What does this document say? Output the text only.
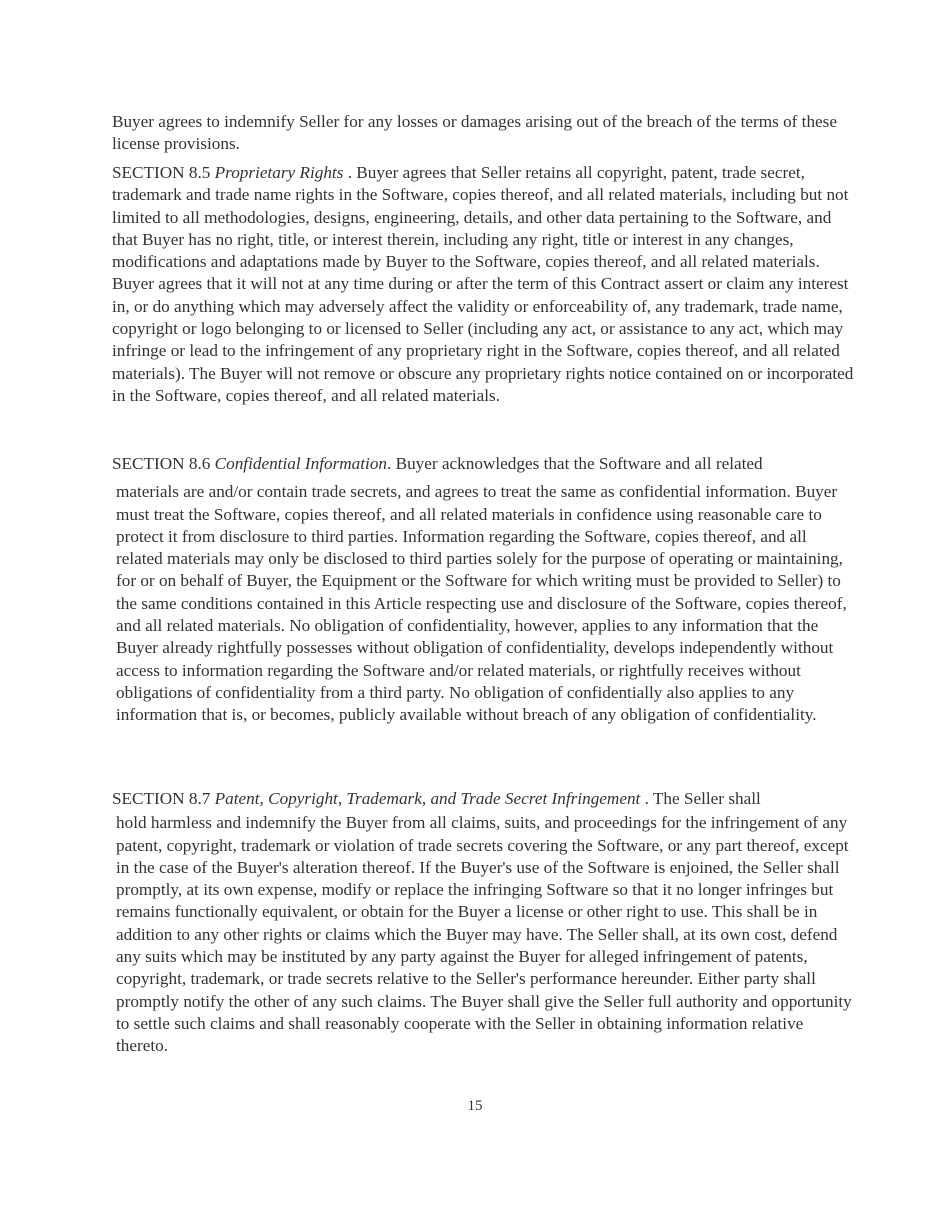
Buyer agrees to indemnify Seller for any losses or damages arising out of the breach of the terms of these license provisions.

SECTION 8.5 Proprietary Rights . Buyer agrees that Seller retains all copyright, patent, trade secret, trademark and trade name rights in the Software, copies thereof, and all related materials, including but not limited to all methodologies, designs, engineering, details, and other data pertaining to the Software, and that Buyer has no right, title, or interest therein, including any right, title or interest in any changes, modifications and adaptations made by Buyer to the Software, copies thereof, and all related materials. Buyer agrees that it will not at any time during or after the term of this Contract assert or claim any interest in, or do anything which may adversely affect the validity or enforceability of, any trademark, trade name, copyright or logo belonging to or licensed to Seller (including any act, or assistance to any act, which may infringe or lead to the infringement of any proprietary right in the Software, copies thereof, and all related materials). The Buyer will not remove or obscure any proprietary rights notice contained on or incorporated in the Software, copies thereof, and all related materials.

SECTION 8.6 Confidential Information. Buyer acknowledges that the Software and all related
materials are and/or contain trade secrets, and agrees to treat the same as confidential information. Buyer must treat the Software, copies thereof, and all related materials in confidence using reasonable care to protect it from disclosure to third parties. Information regarding the Software, copies thereof, and all related materials may only be disclosed to third parties solely for the purpose of operating or maintaining, for or on behalf of Buyer, the Equipment or the Software for which writing must be provided to Seller) to the same conditions contained in this Article respecting use and disclosure of the Software, copies thereof, and all related materials. No obligation of confidentiality, however, applies to any information that the Buyer already rightfully possesses without obligation of confidentiality, develops independently without access to information regarding the Software and/or related materials, or rightfully receives without obligations of confidentiality from a third party. No obligation of confidentially also applies to any information that is, or becomes, publicly available without breach of any obligation of confidentiality.
SECTION 8.7 Patent, Copyright, Trademark, and Trade Secret Infringement . The Seller shall
hold harmless and indemnify the Buyer from all claims, suits, and proceedings for the infringement of any patent, copyright, trademark or violation of trade secrets covering the Software, or any part thereof, except in the case of the Buyer's alteration thereof. If the Buyer's use of the Software is enjoined, the Seller shall promptly, at its own expense, modify or replace the infringing Software so that it no longer infringes but remains functionally equivalent, or obtain for the Buyer a license or other right to use. This shall be in addition to any other rights or claims which the Buyer may have. The Seller shall, at its own cost, defend any suits which may be instituted by any party against the Buyer for alleged infringement of patents, copyright, trademark, or trade secrets relative to the Seller's performance hereunder. Either party shall promptly notify the other of any such claims. The Buyer shall give the Seller full authority and opportunity to settle such claims and shall reasonably cooperate with the Seller in obtaining information relative thereto.
15
